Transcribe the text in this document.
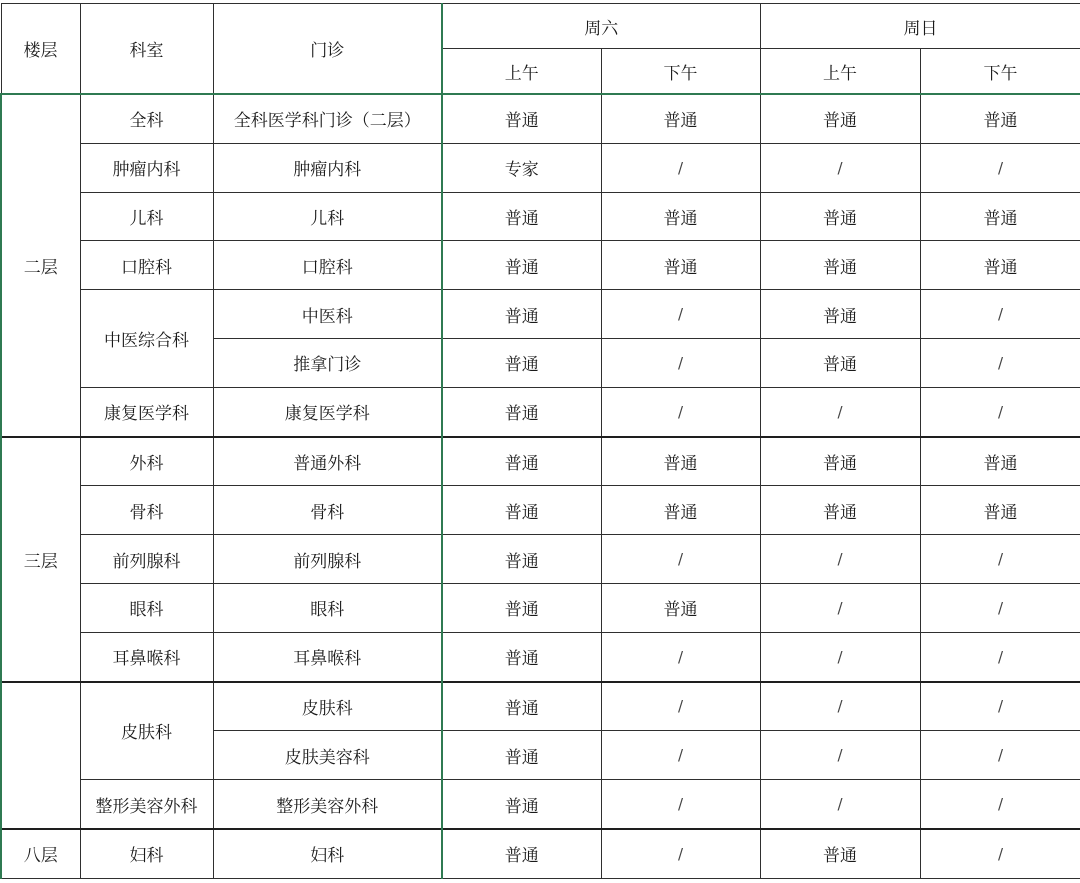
楼层	科室	门诊	周六		周日	
			上午	下午	上午	下午
二层	全科	全科医学科门诊（二层）	普通	普通	普通	普通
	肿瘤内科	肿瘤内科	专家	/	/	/
	儿科	儿科	普通	普通	普通	普通
	口腔科	口腔科	普通	普通	普通	普通
	中医综合科	中医科	普通	/	普通	/
		推拿门诊	普通	/	普通	/
	康复医学科	康复医学科	普通	/	/	/
三层	外科	普通外科	普通	普通	普通	普通
	骨科	骨科	普通	普通	普通	普通
	前列腺科	前列腺科	普通	/	/	/
	眼科	眼科	普通	普通	/	/
	耳鼻喉科	耳鼻喉科	普通	/	/	/
	皮肤科	皮肤科	普通	/	/	/
		皮肤美容科	普通	/	/	/
	整形美容外科	整形美容外科	普通	/	/	/
八层	妇科	妇科	普通	/	普通	/
